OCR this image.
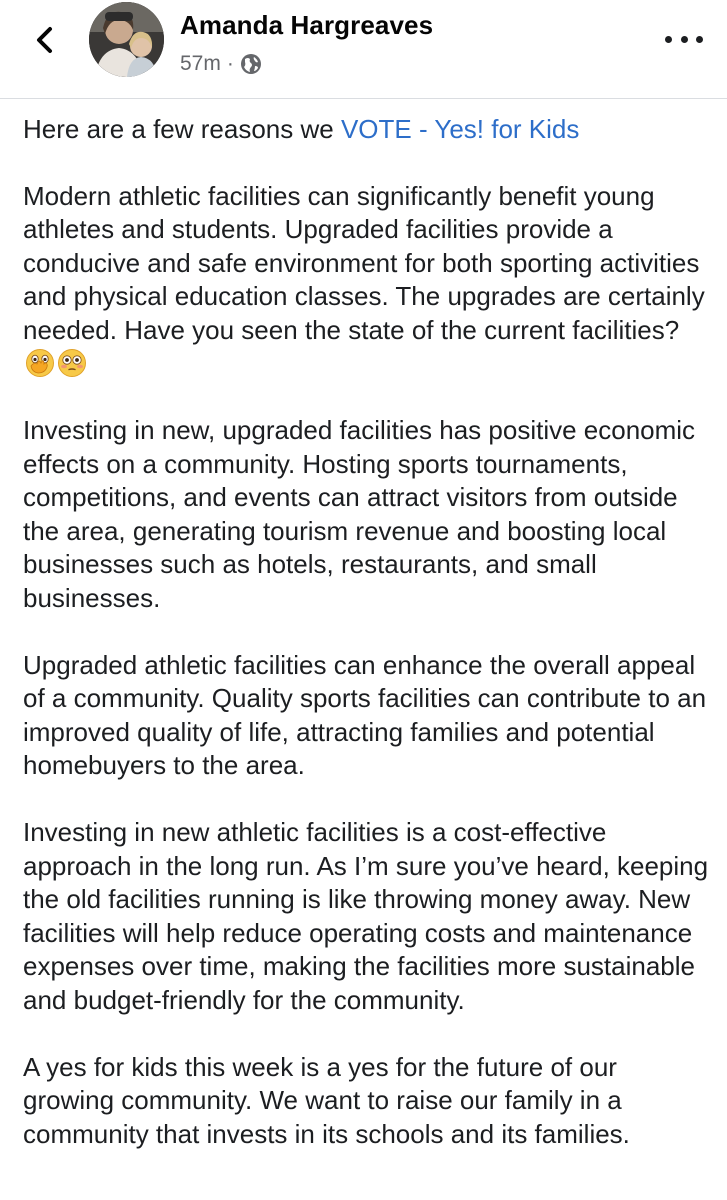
Amanda Hargreaves
57m ·

Here are a few reasons we VOTE - Yes! for Kids

Modern athletic facilities can significantly benefit young athletes and students. Upgraded facilities provide a conducive and safe environment for both sporting activities and physical education classes. The upgrades are certainly needed. Have you seen the state of the current facilities?

Investing in new, upgraded facilities has positive economic effects on a community. Hosting sports tournaments, competitions, and events can attract visitors from outside the area, generating tourism revenue and boosting local businesses such as hotels, restaurants, and small businesses.

Upgraded athletic facilities can enhance the overall appeal of a community. Quality sports facilities can contribute to an improved quality of life, attracting families and potential homebuyers to the area.

Investing in new athletic facilities is a cost-effective approach in the long run. As I’m sure you’ve heard, keeping the old facilities running is like throwing money away. New facilities will help reduce operating costs and maintenance expenses over time, making the facilities more sustainable and budget-friendly for the community.

A yes for kids this week is a yes for the future of our growing community. We want to raise our family in a community that invests in its schools and its families.
